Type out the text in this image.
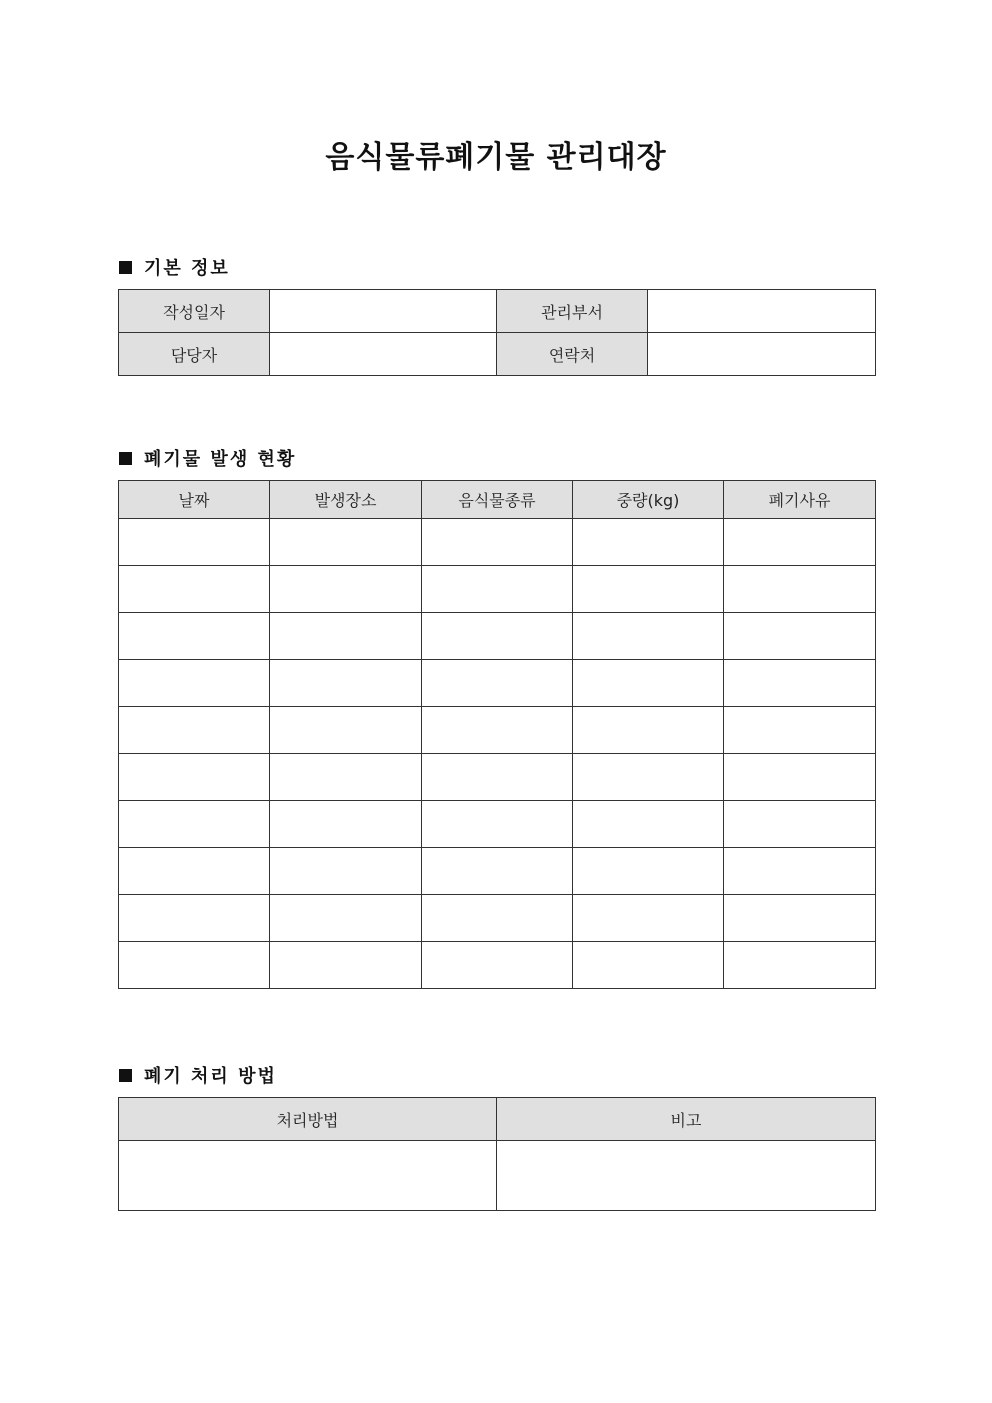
음식물류폐기물 관리대장
기본 정보
작성일자		관리부서	
담당자		연락처	
폐기물 발생 현황
날짜	발생장소	음식물종류	중량(kg)	폐기사유

폐기 처리 방법
처리방법	비고
